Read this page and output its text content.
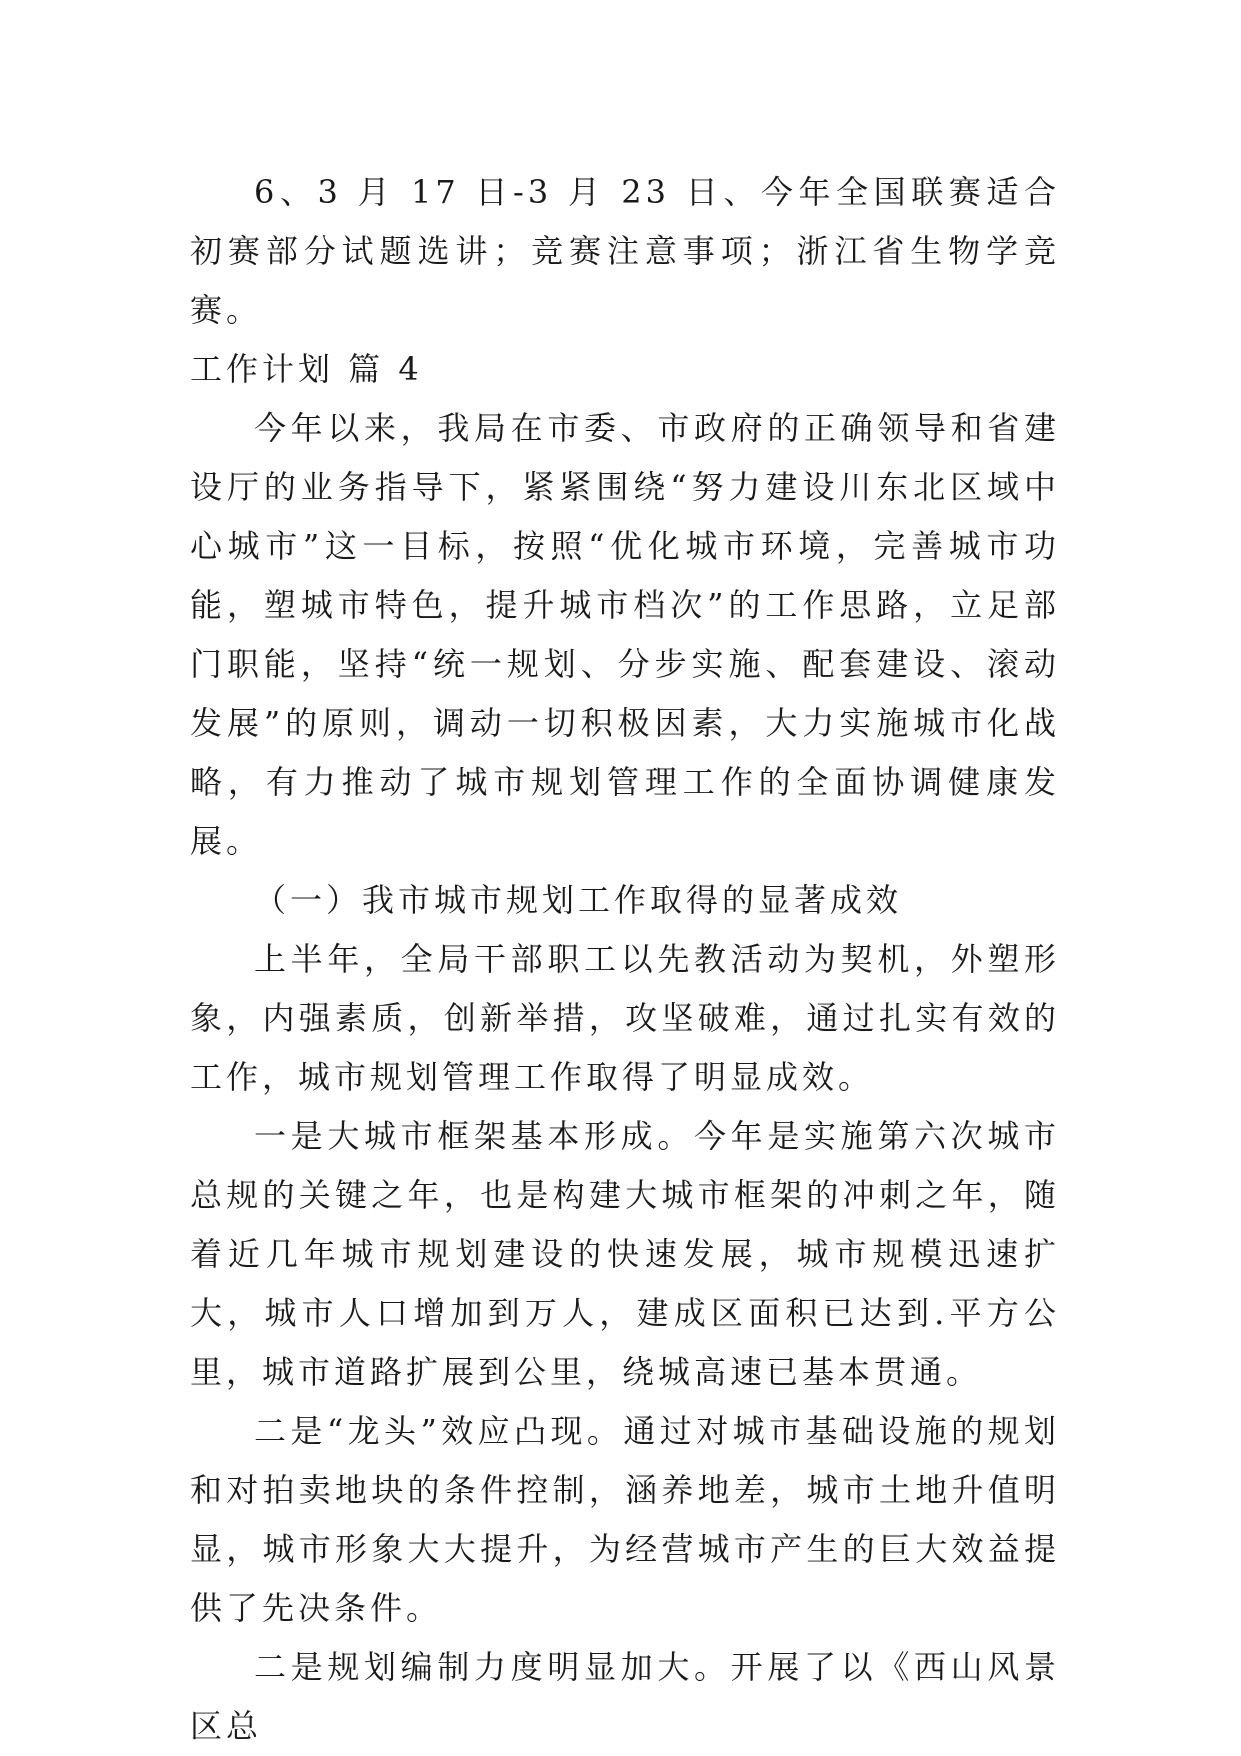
6、3 月 17 日-3 月 23 日、今年全国联赛适合初赛部分试题选讲；竞赛注意事项；浙江省生物学竞赛。

工作计划 篇 4

今年以来，我局在市委、市政府的正确领导和省建设厅的业务指导下，紧紧围绕“努力建设川东北区域中心城市”这一目标，按照“优化城市环境，完善城市功能，塑城市特色，提升城市档次”的工作思路，立足部门职能，坚持“统一规划、分步实施、配套建设、滚动发展”的原则，调动一切积极因素，大力实施城市化战略，有力推动了城市规划管理工作的全面协调健康发展。

（一）我市城市规划工作取得的显著成效

上半年，全局干部职工以先教活动为契机，外塑形象，内强素质，创新举措，攻坚破难，通过扎实有效的工作，城市规划管理工作取得了明显成效。

一是大城市框架基本形成。今年是实施第六次城市总规的关键之年，也是构建大城市框架的冲刺之年，随着近几年城市规划建设的快速发展，城市规模迅速扩大，城市人口增加到万人，建成区面积已达到.平方公里，城市道路扩展到公里，绕城高速已基本贯通。

二是“龙头”效应凸现。通过对城市基础设施的规划和对拍卖地块的条件控制，涵养地差，城市土地升值明显，城市形象大大提升，为经营城市产生的巨大效益提供了先决条件。

二是规划编制力度明显加大。开展了以《西山风景区总
